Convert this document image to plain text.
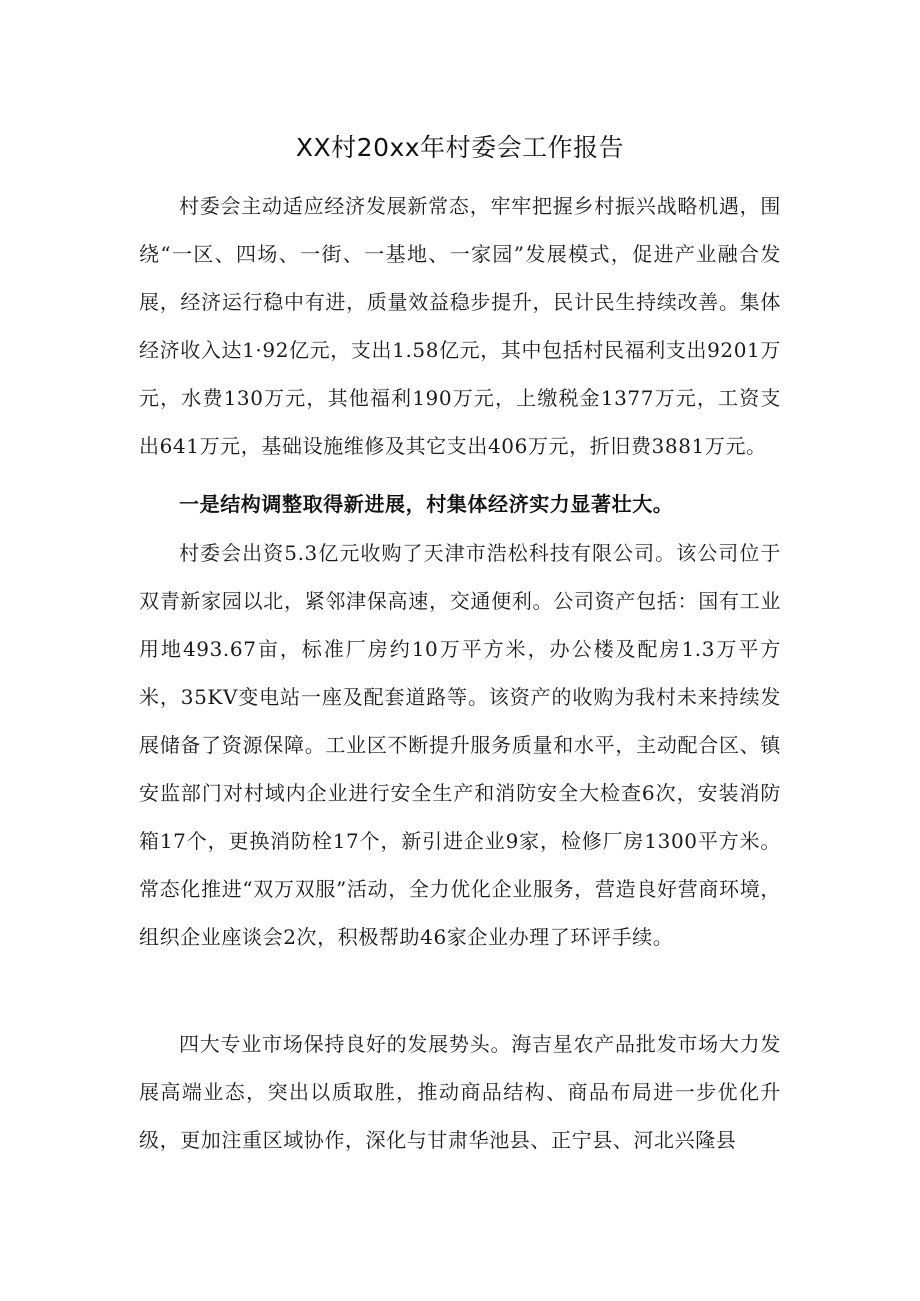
XX村20xx年村委会工作报告

村委会主动适应经济发展新常态，牢牢把握乡村振兴战略机遇，围绕“一区、四场、一街、一基地、一家园”发展模式，促进产业融合发展，经济运行稳中有进，质量效益稳步提升，民计民生持续改善。集体经济收入达1·92亿元，支出1.58亿元，其中包括村民福利支出9201万元，水费130万元，其他福利190万元，上缴税金1377万元，工资支出641万元，基础设施维修及其它支出406万元，折旧费3881万元。

一是结构调整取得新进展，村集体经济实力显著壮大。

村委会出资5.3亿元收购了天津市浩松科技有限公司。该公司位于双青新家园以北，紧邻津保高速，交通便利。公司资产包括：国有工业用地493.67亩，标准厂房约10万平方米，办公楼及配房1.3万平方米，35KV变电站一座及配套道路等。该资产的收购为我村未来持续发展储备了资源保障。工业区不断提升服务质量和水平，主动配合区、镇安监部门对村域内企业进行安全生产和消防安全大检查6次，安装消防箱17个，更换消防栓17个，新引进企业9家，检修厂房1300平方米。常态化推进“双万双服”活动，全力优化企业服务，营造良好营商环境，组织企业座谈会2次，积极帮助46家企业办理了环评手续。

四大专业市场保持良好的发展势头。海吉星农产品批发市场大力发展高端业态，突出以质取胜，推动商品结构、商品布局进一步优化升级，更加注重区域协作，深化与甘肃华池县、正宁县、河北兴隆县
